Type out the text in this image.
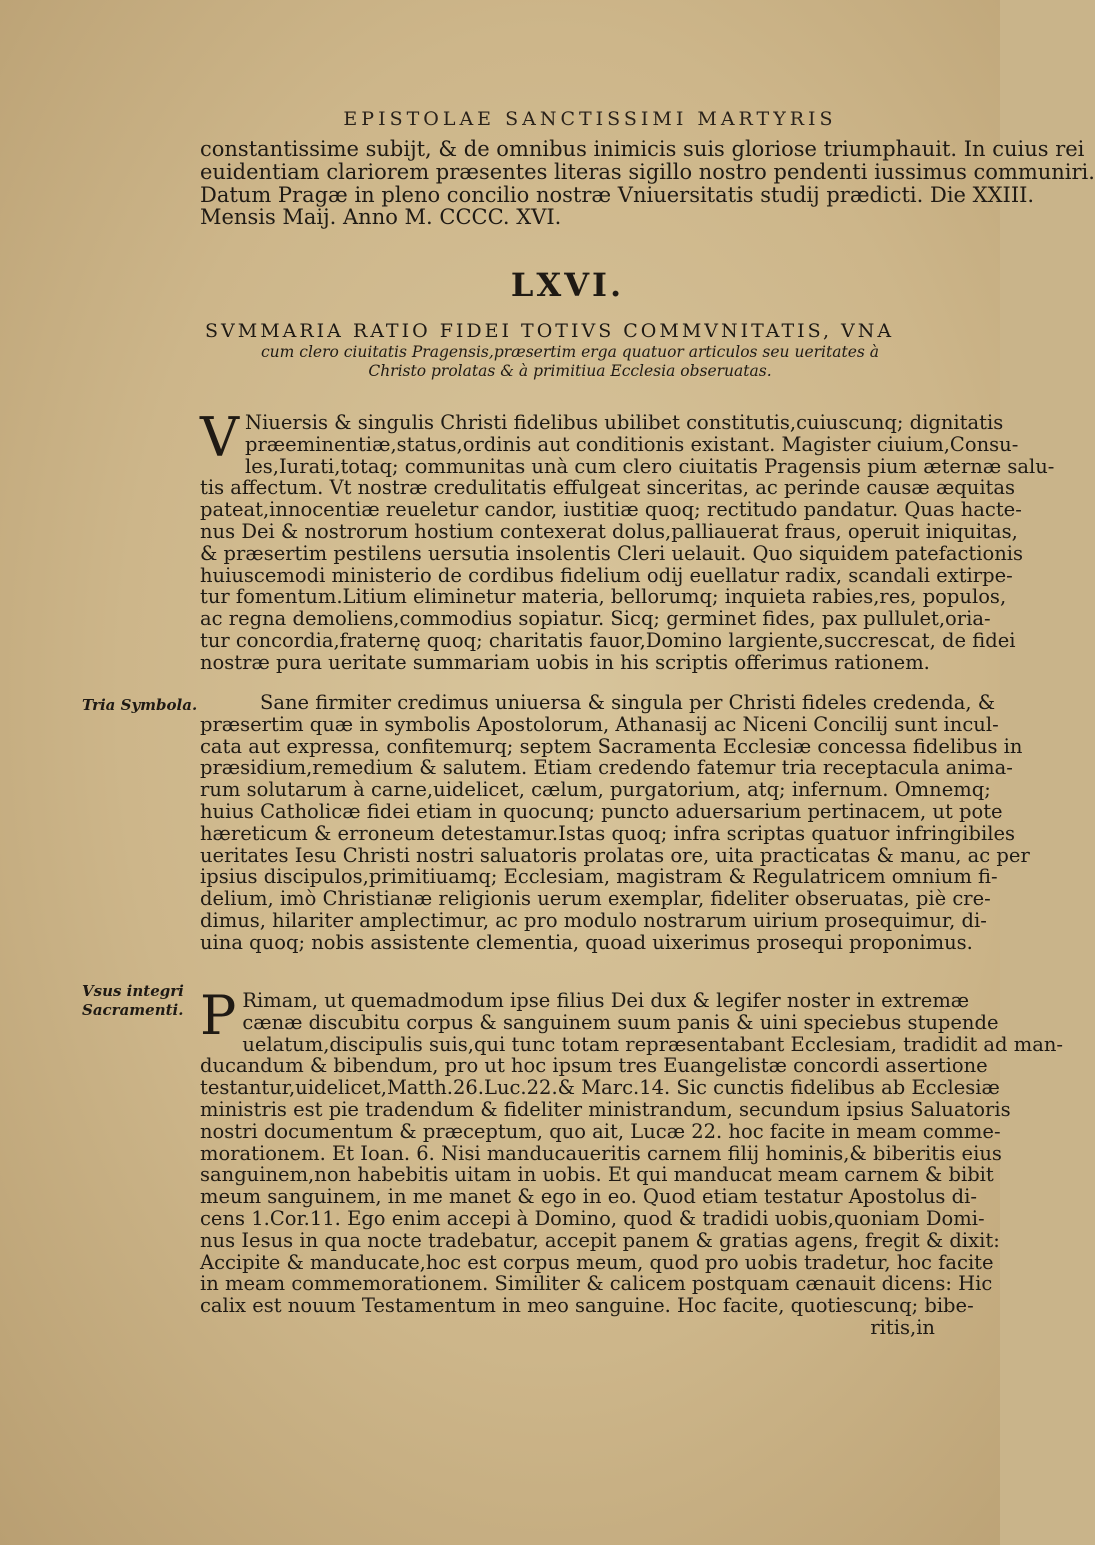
EPISTOLAE SANCTISSIMI MARTYRIS
constantissime subijt, & de omnibus inimicis suis gloriose triumphauit. In cuius rei
euidentiam clariorem præsentes literas sigillo nostro pendenti iussimus communiri.
Datum Pragæ in pleno concilio nostræ Vniuersitatis studij prædicti. Die XXIII.
Mensis Maij. Anno M. CCCC. XVI.
LXVI.
SVMMARIA RATIO FIDEI TOTIVS COMMVNITATIS, VNA
cum clero ciuitatis Pragensis,præsertim erga quatuor articulos seu ueritates à
Christo prolatas & à primitiua Ecclesia obseruatas.
V Niuersis & singulis Christi fidelibus ubilibet constitutis,cuiuscunq; dignitatis
præeminentiæ,status,ordinis aut conditionis existant. Magister ciuium,Consu-
les,Iurati,totaq; communitas unà cum clero ciuitatis Pragensis pium æternæ salu-
tis affectum. Vt nostræ credulitatis effulgeat sinceritas, ac perinde causæ æquitas
pateat,innocentiæ reueletur candor, iustitiæ quoq; rectitudo pandatur. Quas hacte-
nus Dei & nostrorum hostium contexerat dolus,palliauerat fraus, operuit iniquitas,
& præsertim pestilens uersutia insolentis Cleri uelauit. Quo siquidem patefactionis
huiuscemodi ministerio de cordibus fidelium odij euellatur radix, scandali extirpe-
tur fomentum.Litium eliminetur materia, bellorumq; inquieta rabies,res, populos,
ac regna demoliens,commodius sopiatur. Sicq; germinet fides, pax pullulet,oria-
tur concordia,fraternę quoq; charitatis fauor,Domino largiente,succrescat, de fidei
nostræ pura ueritate summariam uobis in his scriptis offerimus rationem.
Sane firmiter credimus uniuersa & singula per Christi fideles credenda, &
præsertim quæ in symbolis Apostolorum, Athanasij ac Niceni Concilij sunt incul-
cata aut expressa, confitemurq; septem Sacramenta Ecclesiæ concessa fidelibus in
præsidium,remedium & salutem. Etiam credendo fatemur tria receptacula anima-
rum solutarum à carne,uidelicet, cælum, purgatorium, atq; infernum. Omnemq;
huius Catholicæ fidei etiam in quocunq; puncto aduersarium pertinacem, ut pote
hæreticum & erroneum detestamur.Istas quoq; infra scriptas quatuor infringibiles
ueritates Iesu Christi nostri saluatoris prolatas ore, uita practicatas & manu, ac per
ipsius discipulos,primitiuamq; Ecclesiam, magistram & Regulatricem omnium fi-
delium, imò Christianæ religionis uerum exemplar, fideliter obseruatas, piè cre-
dimus, hilariter amplectimur, ac pro modulo nostrarum uirium prosequimur, di-
uina quoq; nobis assistente clementia, quoad uixerimus prosequi proponimus.
P Rimam, ut quemadmodum ipse filius Dei dux & legifer noster in extremæ
cænæ discubitu corpus & sanguinem suum panis & uini speciebus stupende
uelatum,discipulis suis,qui tunc totam repræsentabant Ecclesiam, tradidit ad man-
ducandum & bibendum, pro ut hoc ipsum tres Euangelistæ concordi assertione
testantur,uidelicet,Matth.26.Luc.22.& Marc.14. Sic cunctis fidelibus ab Ecclesiæ
ministris est pie tradendum & fideliter ministrandum, secundum ipsius Saluatoris
nostri documentum & præceptum, quo ait, Lucæ 22. hoc facite in meam comme-
morationem. Et Ioan. 6. Nisi manducaueritis carnem filij hominis,& biberitis eius
sanguinem,non habebitis uitam in uobis. Et qui manducat meam carnem & bibit
meum sanguinem, in me manet & ego in eo. Quod etiam testatur Apostolus di-
cens 1.Cor.11. Ego enim accepi à Domino, quod & tradidi uobis,quoniam Domi-
nus Iesus in qua nocte tradebatur, accepit panem & gratias agens, fregit & dixit:
Accipite & manducate,hoc est corpus meum, quod pro uobis tradetur, hoc facite
in meam commemorationem. Similiter & calicem postquam cænauit dicens: Hic
calix est nouum Testamentum in meo sanguine. Hoc facite, quotiescunq; bibe-
ritis,in
Tria Symbola.
Vsus integri
Sacramenti.
